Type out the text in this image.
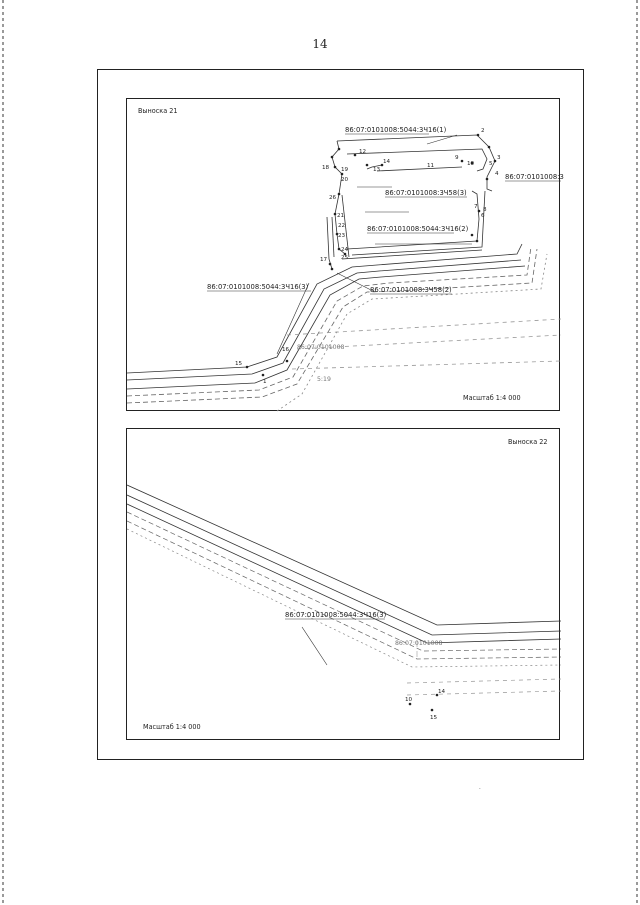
14
86:07:0101008:5044:3Ч16(1)
86:07:0101008:3
86:07:0101008:3Ч58(3)
86:07:0101008:5044:3Ч16(2)
86:07:0101008:3Ч58(2)
86:07:0101008:5044:3Ч16(3)
86:07:0101008
5:19
2
3
4
5
6
7 8
9
10
11
12
13
14
15
16
17
18 19
20
21
22
23
24
25
26
1
Выноска 21
Масштаб 1:4 000
86:07:0101008:5044:3Ч16(3)
86:07:0101008
14
10
15
.
Выноска 22
Масштаб 1:4 000
